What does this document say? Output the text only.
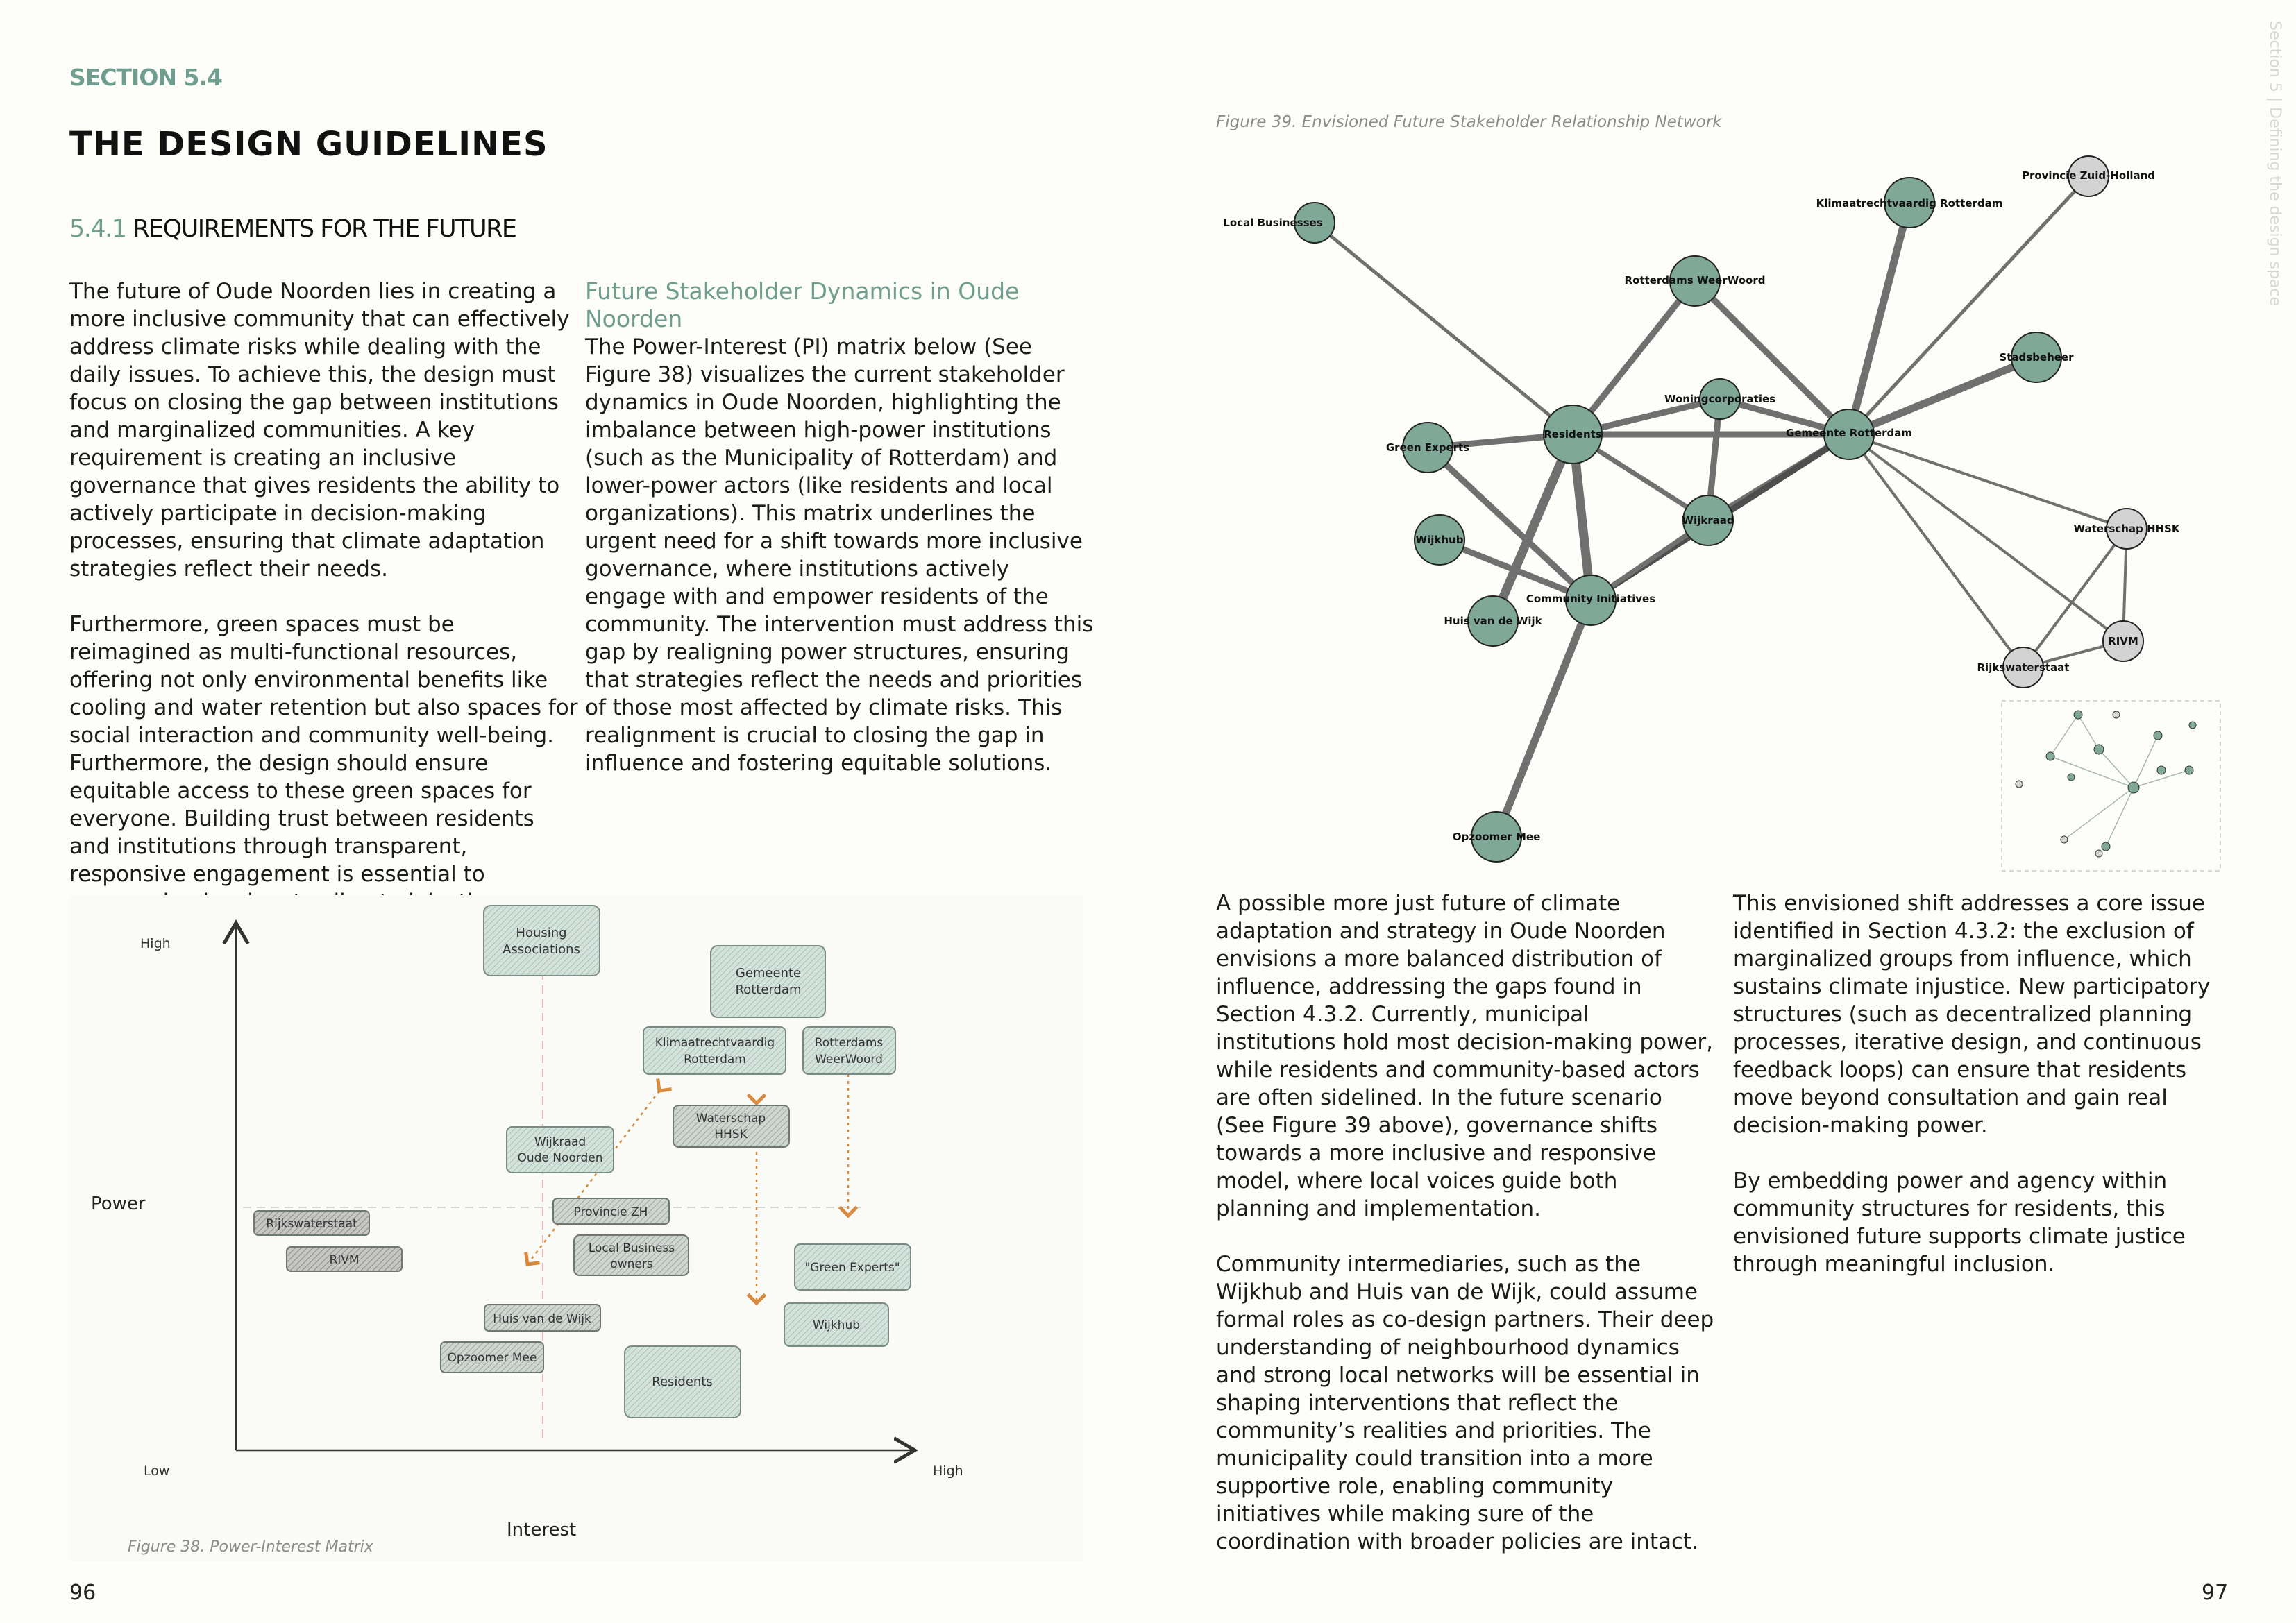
SECTION 5.4
THE DESIGN GUIDELINES
5.4.1 REQUIREMENTS FOR THE FUTURE

The future of Oude Noorden lies in creating a more inclusive community that can effectively address climate risks while dealing with the daily issues. To achieve this, the design must focus on closing the gap between institutions and marginalized communities. A key requirement is creating an inclusive governance that gives residents the ability to actively participate in decision-making processes, ensuring that climate adaptation strategies reflect their needs.

Furthermore, green spaces must be reimagined as multi-functional resources, offering not only environmental benefits like cooling and water retention but also spaces for social interaction and community well-being. Furthermore, the design should ensure equitable access to these green spaces for everyone. Building trust between residents and institutions through transparent, responsive engagement is essential to

Future Stakeholder Dynamics in Oude Noorden

The Power-Interest (PI) matrix below (See Figure 38) visualizes the current stakeholder dynamics in Oude Noorden, highlighting the imbalance between high-power institutions (such as the Municipality of Rotterdam) and lower-power actors (like residents and local organizations). This matrix underlines the urgent need for a shift towards more inclusive governance, where institutions actively engage with and empower residents of the community. The intervention must address this gap by realigning power structures, ensuring that strategies reflect the needs and priorities of those most affected by climate risks. This realignment is crucial to closing the gap in influence and fostering equitable solutions.

High
Power
Low	High
Interest
Housing
Associations
Gemeente
Rotterdam
Klimaatrechtvaardig
Rotterdam
Rotterdams
WeerWoord
Waterschap
HHSK
Wijkraad
Oude Noorden
Provincie ZH
Rijkswaterstaat
RIVM
Local Business
owners	"Green Experts"
Huis van de Wijk	Wijkhub
Opzoomer Mee
Residents
Figure 38. Power-Interest Matrix
Figure 39. Envisioned Future Stakeholder Relationship Network
Local Businesses
Klimaatrechtvaardig Rotterdam
Provincie Zuid-Holland
Rotterdams WeerWoord
Stadsbeheer
Woningcorporaties
Green Experts
Residents	Gemeente Rotterdam
Wijkraad
Waterschap HHSK
Wijkhub
Community Initiatives
Huis van de Wijk
RIVM
Rijkswaterstaat
Opzoomer Mee

A possible more just future of climate adaptation and strategy in Oude Noorden envisions a more balanced distribution of influence, addressing the gaps found in Section 4.3.2. Currently, municipal institutions hold most decision-making power, while residents and community-based actors are often sidelined. In the future scenario (See Figure 39 above), governance shifts towards a more inclusive and responsive model, where local voices guide both planning and implementation.

Community intermediaries, such as the Wijkhub and Huis van de Wijk, could assume formal roles as co-design partners. Their deep understanding of neighbourhood dynamics and strong local networks will be essential in shaping interventions that reflect the community’s realities and priorities. The municipality could transition into a more supportive role, enabling community initiatives while making sure of the coordination with broader policies are intact.

This envisioned shift addresses a core issue identified in Section 4.3.2: the exclusion of marginalized groups from influence, which sustains climate injustice. New participatory structures (such as decentralized planning processes, iterative design, and continuous feedback loops) can ensure that residents move beyond consultation and gain real decision-making power.

By embedding power and agency within community structures for residents, this envisioned future supports climate justice through meaningful inclusion.

96	97
Section 5 | Defining the design space
